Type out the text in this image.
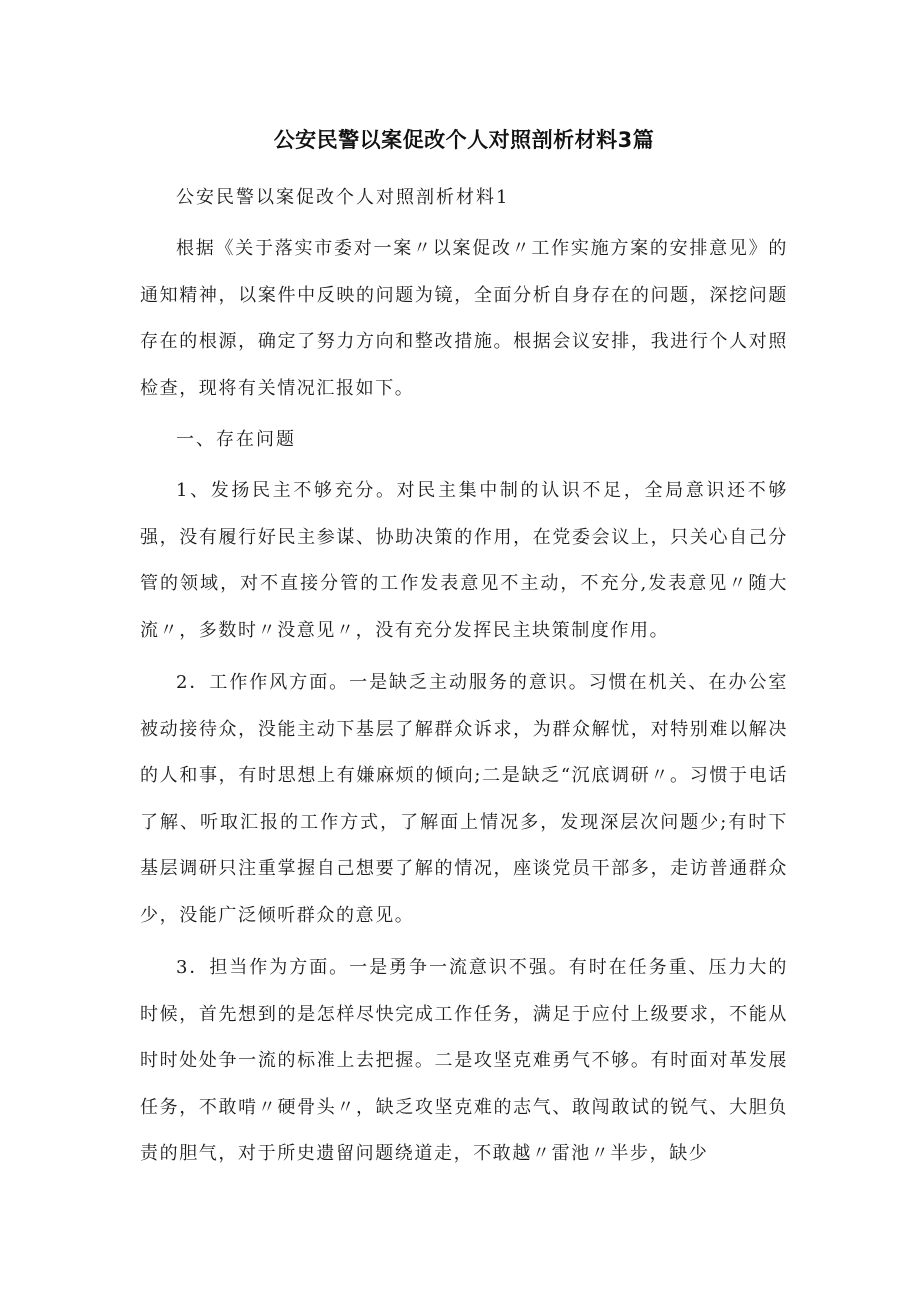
公安民警以案促改个人对照剖析材料3篇

公安民警以案促改个人对照剖析材料1

根据《关于落实市委对一案〃以案促改〃工作实施方案的安排意见》的通知精神，以案件中反映的问题为镜，全面分析自身存在的问题，深挖问题存在的根源，确定了努力方向和整改措施。根据会议安排，我进行个人对照检查，现将有关情况汇报如下。

一、存在问题

1、发扬民主不够充分。对民主集中制的认识不足，全局意识还不够强，没有履行好民主参谋、协助决策的作用，在党委会议上，只关心自己分管的领域，对不直接分管的工作发表意见不主动，不充分,发表意见〃随大流〃，多数时〃没意见〃，没有充分发挥民主块策制度作用。

2．工作作风方面。一是缺乏主动服务的意识。习惯在机关、在办公室被动接待众，没能主动下基层了解群众诉求，为群众解忧，对特别难以解决的人和事，有时思想上有嫌麻烦的倾向;二是缺乏“沉底调研〃。习惯于电话了解、听取汇报的工作方式，了解面上情况多，发现深层次问题少;有时下基层调研只注重掌握自己想要了解的情况，座谈党员干部多，走访普通群众少，没能广泛倾听群众的意见。

3．担当作为方面。一是勇争一流意识不强。有时在任务重、压力大的时候，首先想到的是怎样尽快完成工作任务，满足于应付上级要求，不能从时时处处争一流的标准上去把握。二是攻坚克难勇气不够。有时面对革发展任务，不敢啃〃硬骨头〃，缺乏攻坚克难的志气、敢闯敢试的锐气、大胆负责的胆气，对于所史遗留问题绕道走，不敢越〃雷池〃半步，缺少
